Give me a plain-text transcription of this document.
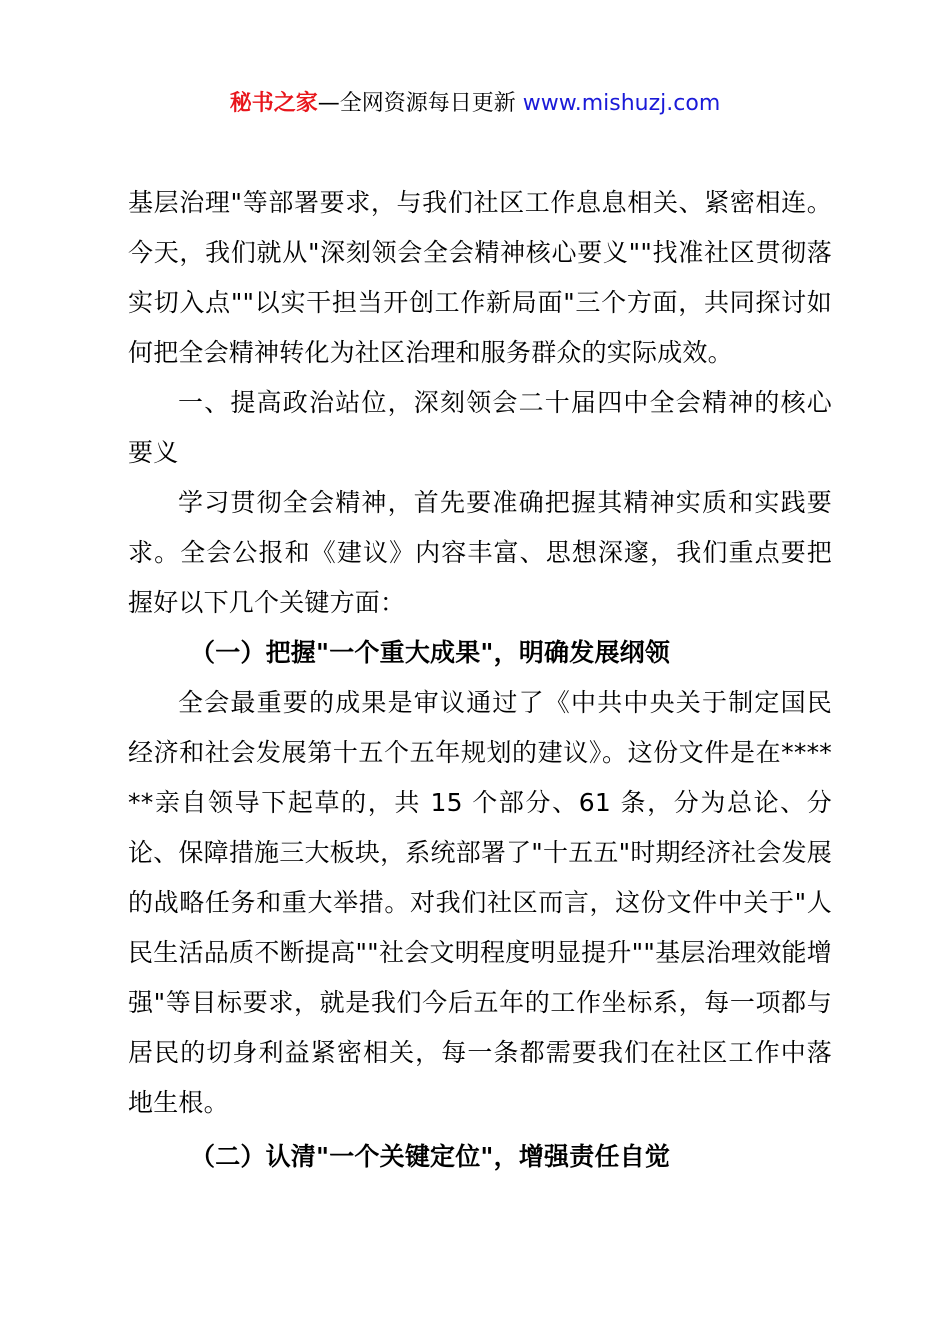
秘书之家—全网资源每日更新 www.mishuzj.com

基层治理"等部署要求，与我们社区工作息息相关、紧密相连。今天，我们就从"深刻领会全会精神核心要义""找准社区贯彻落实切入点""以实干担当开创工作新局面"三个方面，共同探讨如何把全会精神转化为社区治理和服务群众的实际成效。

一、提高政治站位，深刻领会二十届四中全会精神的核心要义

学习贯彻全会精神，首先要准确把握其精神实质和实践要求。全会公报和《建议》内容丰富、思想深邃，我们重点要把握好以下几个关键方面：

（一）把握"一个重大成果"，明确发展纲领

全会最重要的成果是审议通过了《中共中央关于制定国民经济和社会发展第十五个五年规划的建议》。这份文件是在******亲自领导下起草的，共 15 个部分、61 条，分为总论、分论、保障措施三大板块，系统部署了"十五五"时期经济社会发展的战略任务和重大举措。对我们社区而言，这份文件中关于"人民生活品质不断提高""社会文明程度明显提升""基层治理效能增强"等目标要求，就是我们今后五年的工作坐标系，每一项都与居民的切身利益紧密相关，每一条都需要我们在社区工作中落地生根。

（二）认清"一个关键定位"，增强责任自觉
